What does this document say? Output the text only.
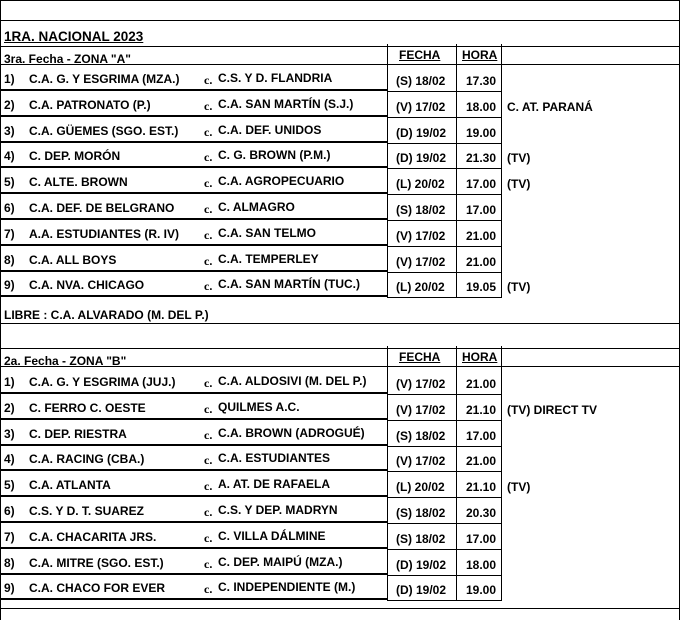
1RA. NACIONAL 2023
3ra. Fecha - ZONA "A"	FECHA HORA
1) C.A. G. Y ESGRIMA (MZA.) c. C.S. Y D. FLANDRIA	(S) 18/02 17.30
2) C.A. PATRONATO (P.)	c. C.A. SAN MARTÍN (S.J.)	(V) 17/02 18.00 C. AT. PARANÁ
3) C.A. GÜEMES (SGO. EST.) c. C.A. DEF. UNIDOS	(D) 19/02 19.00
4) C. DEP. MORÓN	c. C. G. BROWN (P.M.)	(D) 19/02 21.30 (TV)
5) C. ALTE. BROWN	c. C.A. AGROPECUARIO	(L) 20/02 17.00 (TV)
6) C.A. DEF. DE BELGRANO c. C. ALMAGRO	(S) 18/02 17.00
7) A.A. ESTUDIANTES (R. IV) c. C.A. SAN TELMO	(V) 17/02 21.00
8) C.A. ALL BOYS	c. C.A. TEMPERLEY	(V) 17/02 21.00
9) C.A. NVA. CHICAGO	c. C.A. SAN MARTÍN (TUC.)	(L) 20/02 19.05 (TV)
2a. Fecha - ZONA "B"	FECHA HORA
1) C.A. G. Y ESGRIMA (JUJ.) c. C.A. ALDOSIVI (M. DEL P.) (V) 17/02 21.00
2) C. FERRO C. OESTE	c. QUILMES A.C.	(V) 17/02 21.10 (TV) DIRECT TV
3) C. DEP. RIESTRA	c. C.A. BROWN (ADROGUÉ)	(S) 18/02 17.00
4) C.A. RACING (CBA.)	c. C.A. ESTUDIANTES	(V) 17/02 21.00
5) C.A. ATLANTA	c. A. AT. DE RAFAELA	(L) 20/02 21.10 (TV)
6) C.S. Y D. T. SUAREZ	c. C.S. Y DEP. MADRYN	(S) 18/02 20.30
7) C.A. CHACARITA JRS.	c. C. VILLA DÁLMINE	(S) 18/02 17.00
8) C.A. MITRE (SGO. EST.)	c. C. DEP. MAIPÚ (MZA.)	(D) 19/02 18.00
9) C.A. CHACO FOR EVER	c. C. INDEPENDIENTE (M.)	(D) 19/02 19.00
LIBRE : C.A. ALVARADO (M. DEL P.)
